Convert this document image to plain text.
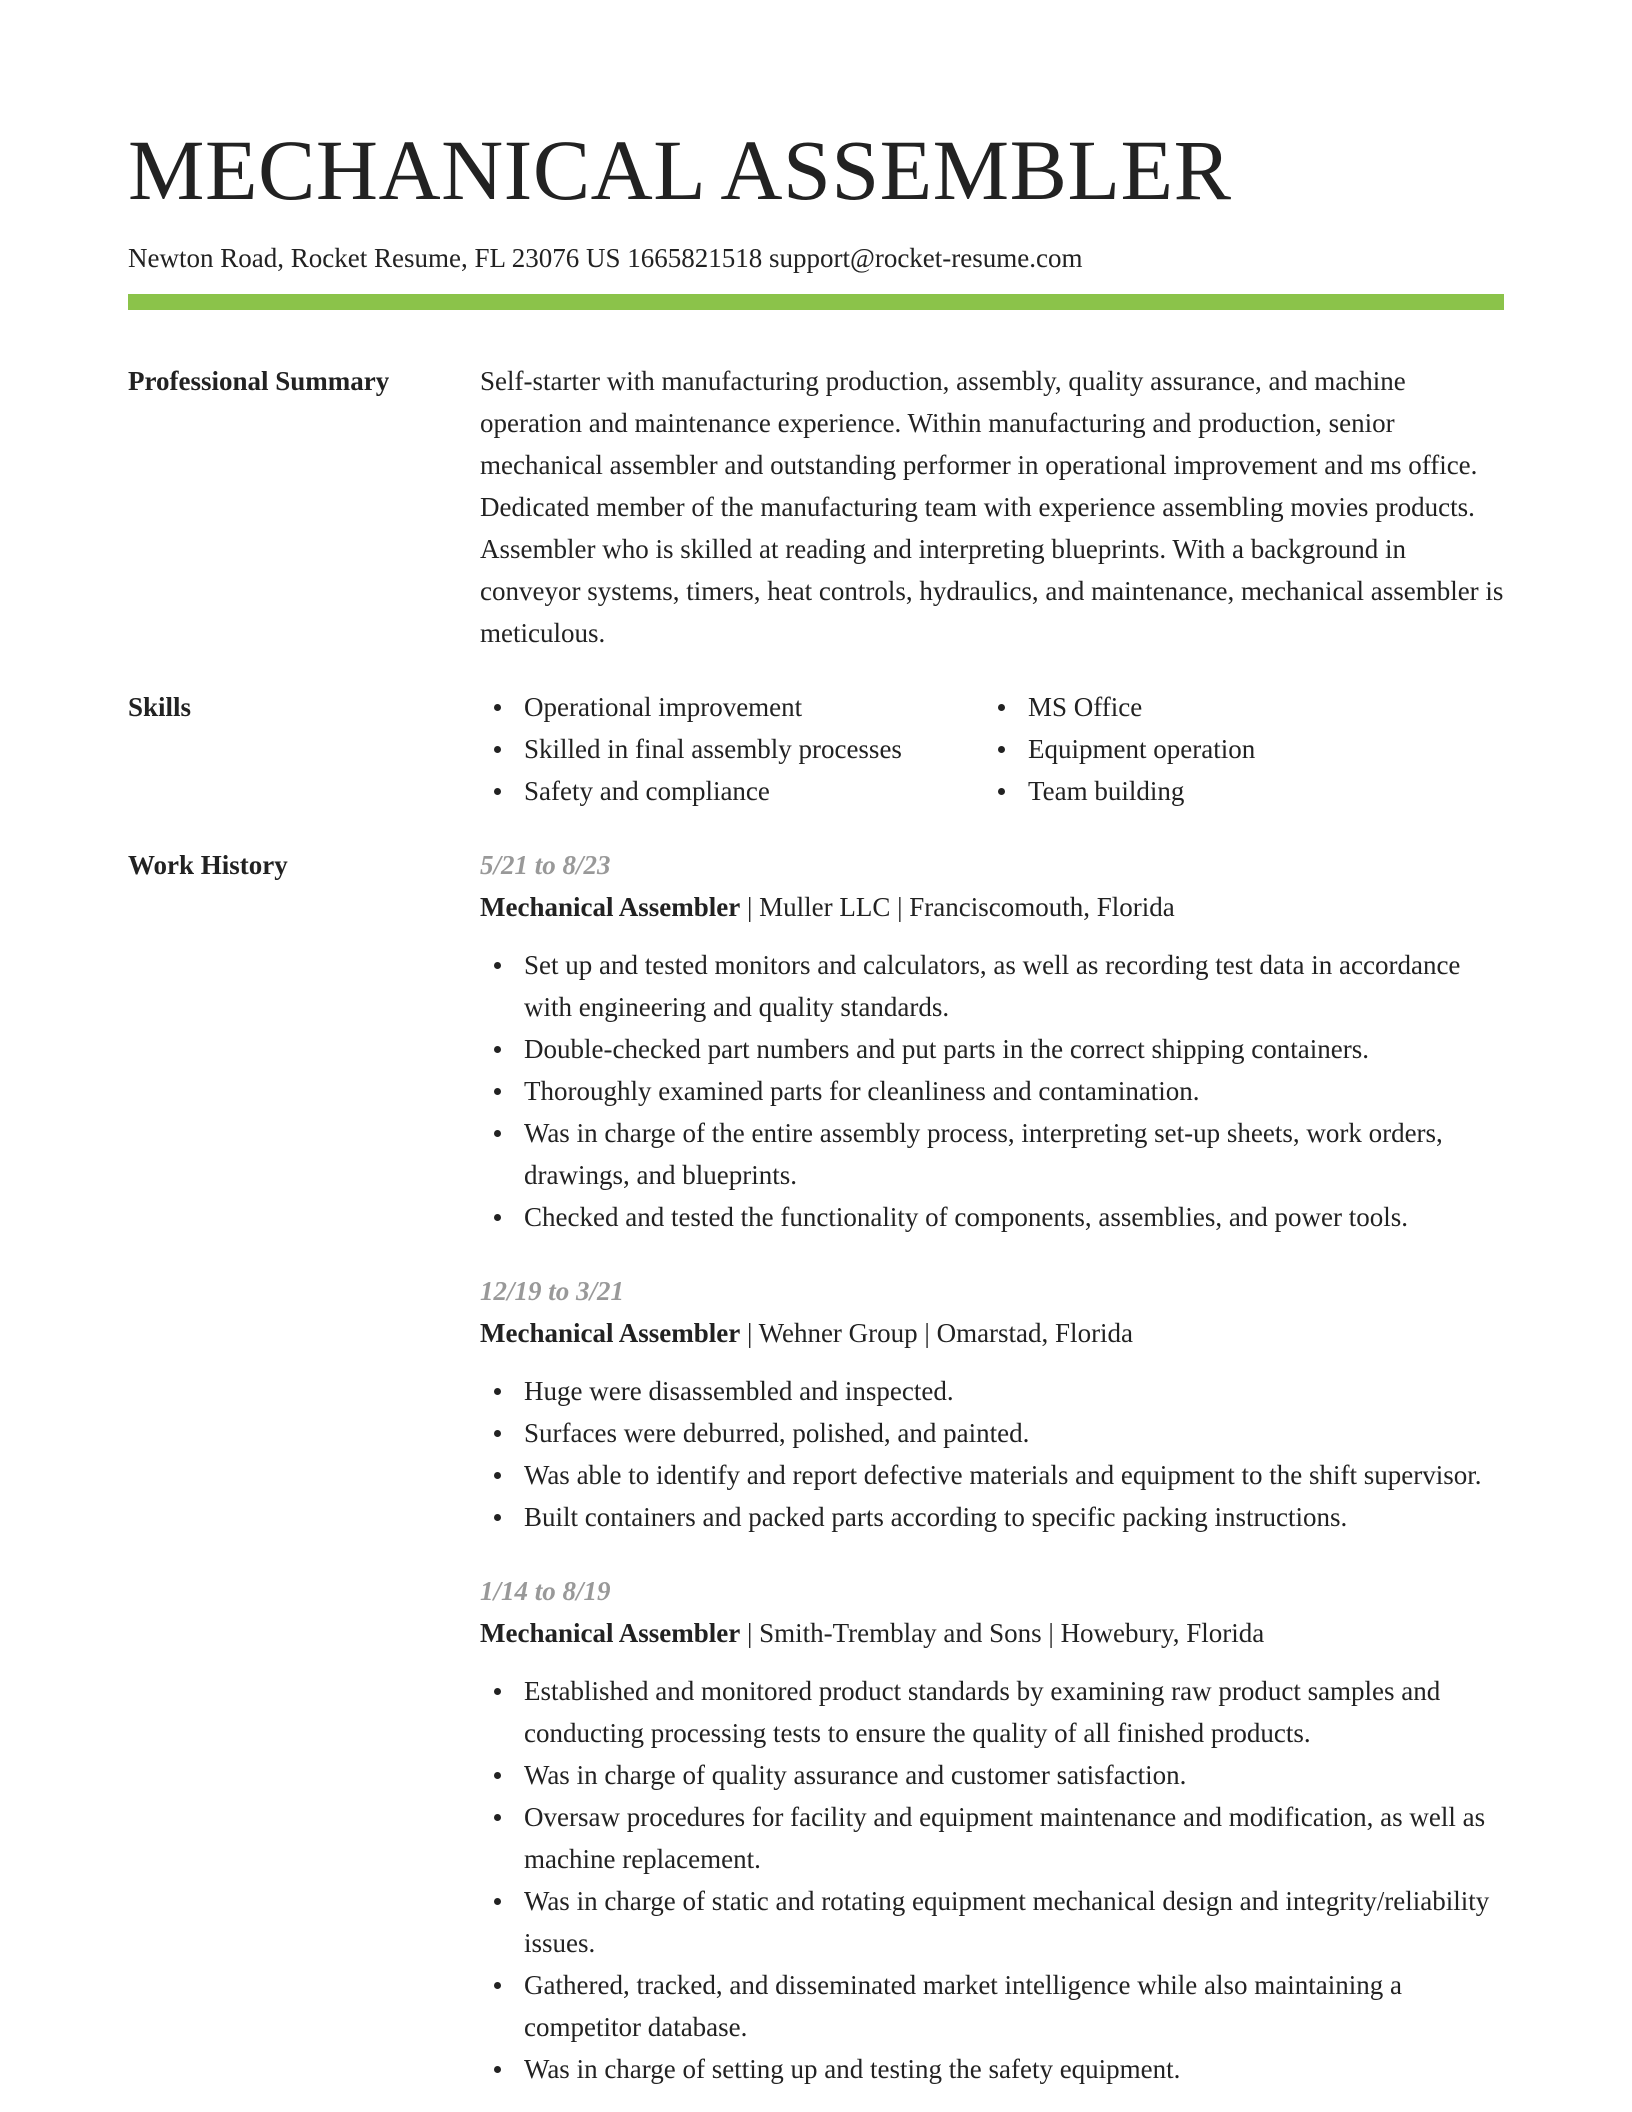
MECHANICAL ASSEMBLER
Newton Road, Rocket Resume, FL 23076 US 1665821518 support@rocket-resume.com
Professional Summary	Self-starter with manufacturing production, assembly, quality assurance, and machine operation and maintenance experience. Within manufacturing and production, senior mechanical assembler and outstanding performer in operational improvement and ms office. Dedicated member of the manufacturing team with experience assembling movies products. Assembler who is skilled at reading and interpreting blueprints. With a background in conveyor systems, timers, heat controls, hydraulics, and maintenance, mechanical assembler is meticulous.

Skills	Operational improvement	MS Office
Skilled in final assembly processes	Equipment operation
Safety and compliance	Team building
Work History	5/21 to 8/23
Mechanical Assembler | Muller LLC | Franciscomouth, Florida
Set up and tested monitors and calculators, as well as recording test data in accordance with engineering and quality standards.
Double-checked part numbers and put parts in the correct shipping containers.
Thoroughly examined parts for cleanliness and contamination.
Was in charge of the entire assembly process, interpreting set-up sheets, work orders, drawings, and blueprints.
Checked and tested the functionality of components, assemblies, and power tools.
12/19 to 3/21
Mechanical Assembler | Wehner Group | Omarstad, Florida
Huge were disassembled and inspected.
Surfaces were deburred, polished, and painted.
Was able to identify and report defective materials and equipment to the shift supervisor.
Built containers and packed parts according to specific packing instructions.
1/14 to 8/19
Mechanical Assembler | Smith-Tremblay and Sons | Howebury, Florida
Established and monitored product standards by examining raw product samples and conducting processing tests to ensure the quality of all finished products.
Was in charge of quality assurance and customer satisfaction.
Oversaw procedures for facility and equipment maintenance and modification, as well as machine replacement.
Was in charge of static and rotating equipment mechanical design and integrity/reliability issues.
Gathered, tracked, and disseminated market intelligence while also maintaining a competitor database.
Was in charge of setting up and testing the safety equipment.
